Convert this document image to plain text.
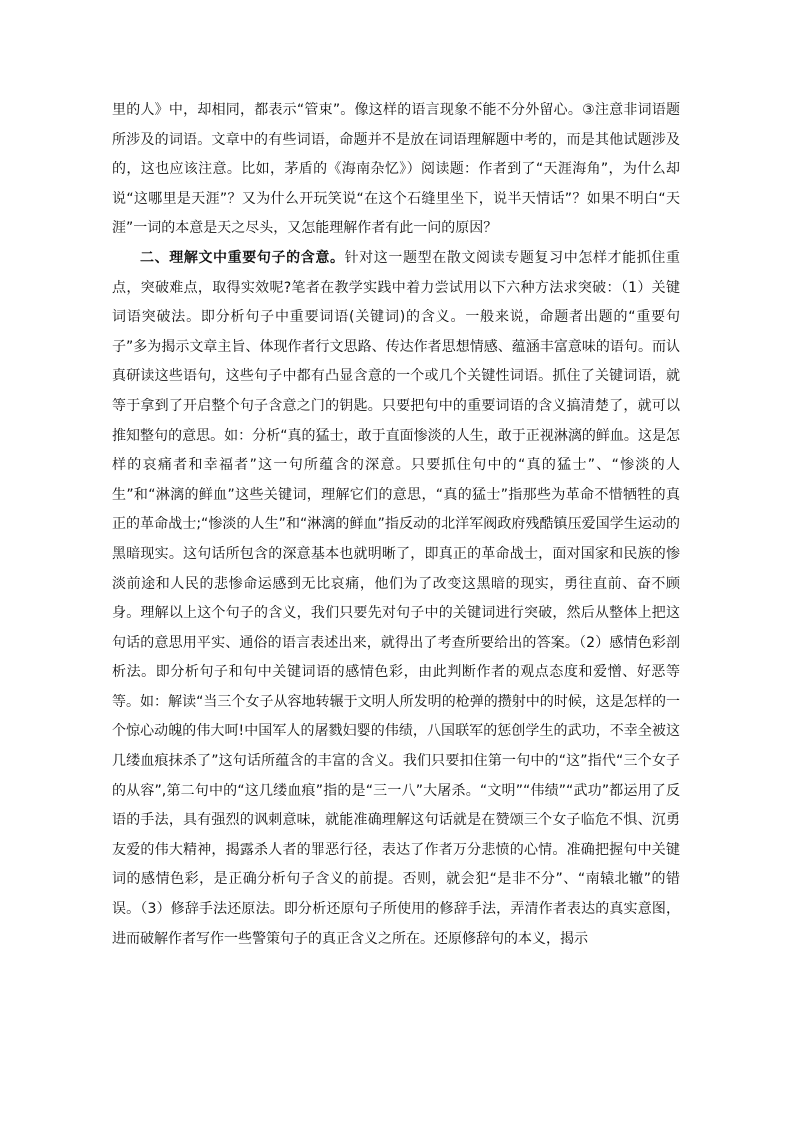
里的人》中，却相同，都表示“管束”。像这样的语言现象不能不分外留心。③注意非词语题所涉及的词语。文章中的有些词语，命题并不是放在词语理解题中考的，而是其他试题涉及的，这也应该注意。比如，茅盾的《海南杂忆》）阅读题：作者到了“天涯海角”，为什么却说“这哪里是天涯”？又为什么开玩笑说“在这个石缝里坐下，说半天情话”？如果不明白“天涯”一词的本意是天之尽头，又怎能理解作者有此一问的原因？

二、理解文中重要句子的含意。针对这一题型在散文阅读专题复习中怎样才能抓住重点，突破难点，取得实效呢?笔者在教学实践中着力尝试用以下六种方法求突破：（1）关键词语突破法。即分析句子中重要词语(关键词)的含义。一般来说，命题者出题的“重要句子”多为揭示文章主旨、体现作者行文思路、传达作者思想情感、蕴涵丰富意味的语句。而认真研读这些语句，这些句子中都有凸显含意的一个或几个关键性词语。抓住了关键词语，就等于拿到了开启整个句子含意之门的钥匙。只要把句中的重要词语的含义搞清楚了，就可以推知整句的意思。如：分析“真的猛士，敢于直面惨淡的人生，敢于正视淋漓的鲜血。这是怎样的哀痛者和幸福者”这一句所蕴含的深意。只要抓住句中的“真的猛士”、“惨淡的人生”和“淋漓的鲜血”这些关键词，理解它们的意思，“真的猛士”指那些为革命不惜牺牲的真正的革命战士;“惨淡的人生”和“淋漓的鲜血”指反动的北洋军阀政府残酷镇压爱国学生运动的黑暗现实。这句话所包含的深意基本也就明晰了，即真正的革命战士，面对国家和民族的惨淡前途和人民的悲惨命运感到无比哀痛，他们为了改变这黑暗的现实，勇往直前、奋不顾身。理解以上这个句子的含义，我们只要先对句子中的关键词进行突破，然后从整体上把这句话的意思用平实、通俗的语言表述出来，就得出了考查所要给出的答案。（2）感情色彩剖析法。即分析句子和句中关键词语的感情色彩，由此判断作者的观点态度和爱憎、好恶等等。如：解读“当三个女子从容地转辗于文明人所发明的枪弹的攒射中的时候，这是怎样的一个惊心动魄的伟大呵!中国军人的屠戮妇婴的伟绩，八国联军的惩创学生的武功，不幸全被这几缕血痕抹杀了”这句话所蕴含的丰富的含义。我们只要扣住第一句中的“这”指代“三个女子的从容”,第二句中的“这几缕血痕”指的是“三一八”大屠杀。“文明”“伟绩”“武功”都运用了反语的手法，具有强烈的讽刺意味，就能准确理解这句话就是在赞颂三个女子临危不惧、沉勇友爱的伟大精神，揭露杀人者的罪恶行径，表达了作者万分悲愤的心情。准确把握句中关键词的感情色彩，是正确分析句子含义的前提。否则，就会犯“是非不分”、“南辕北辙”的错误。（3）修辞手法还原法。即分析还原句子所使用的修辞手法，弄清作者表达的真实意图，进而破解作者写作一些警策句子的真正含义之所在。还原修辞句的本义，揭示
